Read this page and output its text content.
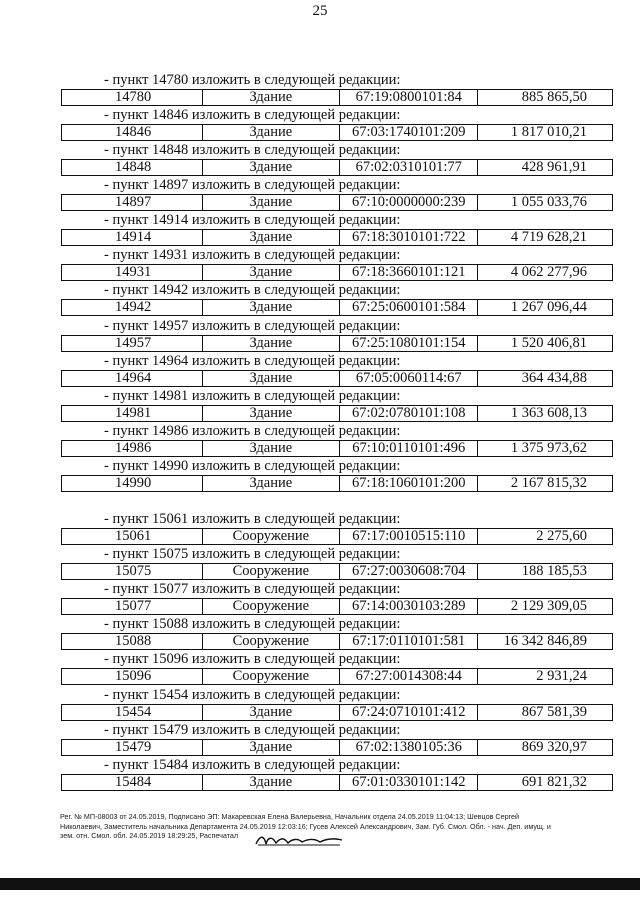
25
- пункт 14780 изложить в следующей редакции:
14780	Здание	67:19:0800101:84	885 865,50
- пункт 14846 изложить в следующей редакции:
14846	Здание	67:03:1740101:209	1 817 010,21
- пункт 14848 изложить в следующей редакции:
14848	Здание	67:02:0310101:77	428 961,91
- пункт 14897 изложить в следующей редакции:
14897	Здание	67:10:0000000:239	1 055 033,76
- пункт 14914 изложить в следующей редакции:
14914	Здание	67:18:3010101:722	4 719 628,21
- пункт 14931 изложить в следующей редакции:
14931	Здание	67:18:3660101:121	4 062 277,96
- пункт 14942 изложить в следующей редакции:
14942	Здание	67:25:0600101:584	1 267 096,44
- пункт 14957 изложить в следующей редакции:
14957	Здание	67:25:1080101:154	1 520 406,81
- пункт 14964 изложить в следующей редакции:
14964	Здание	67:05:0060114:67	364 434,88
- пункт 14981 изложить в следующей редакции:
14981	Здание	67:02:0780101:108	1 363 608,13
- пункт 14986 изложить в следующей редакции:
14986	Здание	67:10:0110101:496	1 375 973,62
- пункт 14990 изложить в следующей редакции:
14990	Здание	67:18:1060101:200	2 167 815,32
- пункт 15061 изложить в следующей редакции:
15061	Сооружение	67:17:0010515:110	2 275,60
- пункт 15075 изложить в следующей редакции:
15075	Сооружение	67:27:0030608:704	188 185,53
- пункт 15077 изложить в следующей редакции:
15077	Сооружение	67:14:0030103:289	2 129 309,05
- пункт 15088 изложить в следующей редакции:
15088	Сооружение	67:17:0110101:581	16 342 846,89
- пункт 15096 изложить в следующей редакции:
15096	Сооружение	67:27:0014308:44	2 931,24
- пункт 15454 изложить в следующей редакции:
15454	Здание	67:24:0710101:412	867 581,39
- пункт 15479 изложить в следующей редакции:
15479	Здание	67:02:1380105:36	869 320,97
- пункт 15484 изложить в следующей редакции:
15484	Здание	67:01:0330101:142	691 821,32
Рег. № МП-08003 от 24.05.2019, Подписано ЭП: Макаревская Елена Валерьевна, Начальник отдела 24.05.2019 11:04:13; Шевцов Сергей
Николаевич, Заместитель начальника Департамента 24.05.2019 12:03:16; Гусев Алексей Александрович, Зам. Губ. Смол. Обл. - нач. Деп. имущ. и
зем. отн. Смол. обл. 24.05.2019 18:29:25, Распечатал
